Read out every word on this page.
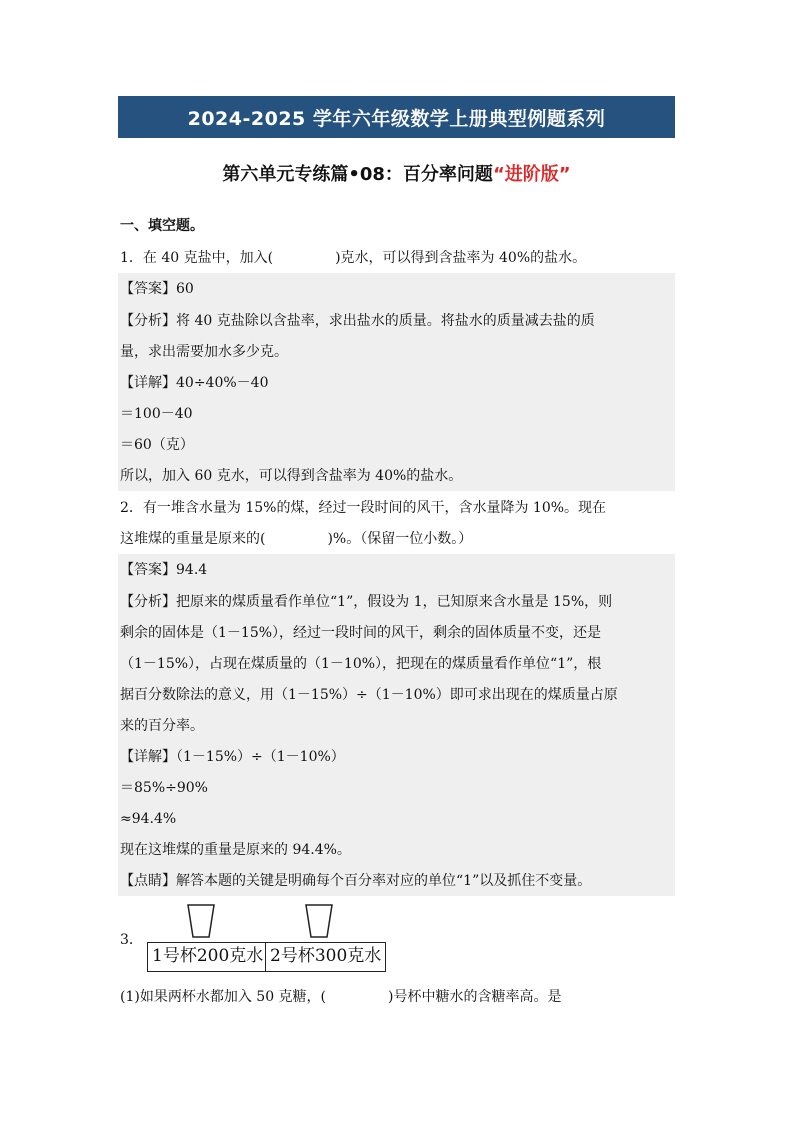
2024-2025 学年六年级数学上册典型例题系列
第六单元专练篇•08：百分率问题“进阶版”
一、填空题。
1．在 40 克盐中，加入(	)克水，可以得到含盐率为 40%的盐水。
【答案】60
【分析】将 40 克盐除以含盐率，求出盐水的质量。将盐水的质量减去盐的质
量，求出需要加水多少克。
【详解】40÷40%－40
＝100－40
＝60（克）
所以，加入 60 克水，可以得到含盐率为 40%的盐水。
2．有一堆含水量为 15%的煤，经过一段时间的风干，含水量降为 10%。现在
这堆煤的重量是原来的(	)%。（保留一位小数。）
【答案】94.4
【分析】把原来的煤质量看作单位“1”，假设为 1，已知原来含水量是 15%，则
剩余的固体是（1－15%），经过一段时间的风干，剩余的固体质量不变，还是
（1－15%），占现在煤质量的（1－10%），把现在的煤质量看作单位“1”，根
据百分数除法的意义，用（1－15%）÷（1－10%）即可求出现在的煤质量占原
来的百分率。
【详解】（1－15%）÷（1－10%）
＝85%÷90%
≈94.4%
现在这堆煤的重量是原来的 94.4%。
【点睛】解答本题的关键是明确每个百分率对应的单位“1”以及抓住不变量。
3．
1号杯200克水 2号杯300克水
(1)如果两杯水都加入 50 克糖，(	)号杯中糖水的含糖率高。是
